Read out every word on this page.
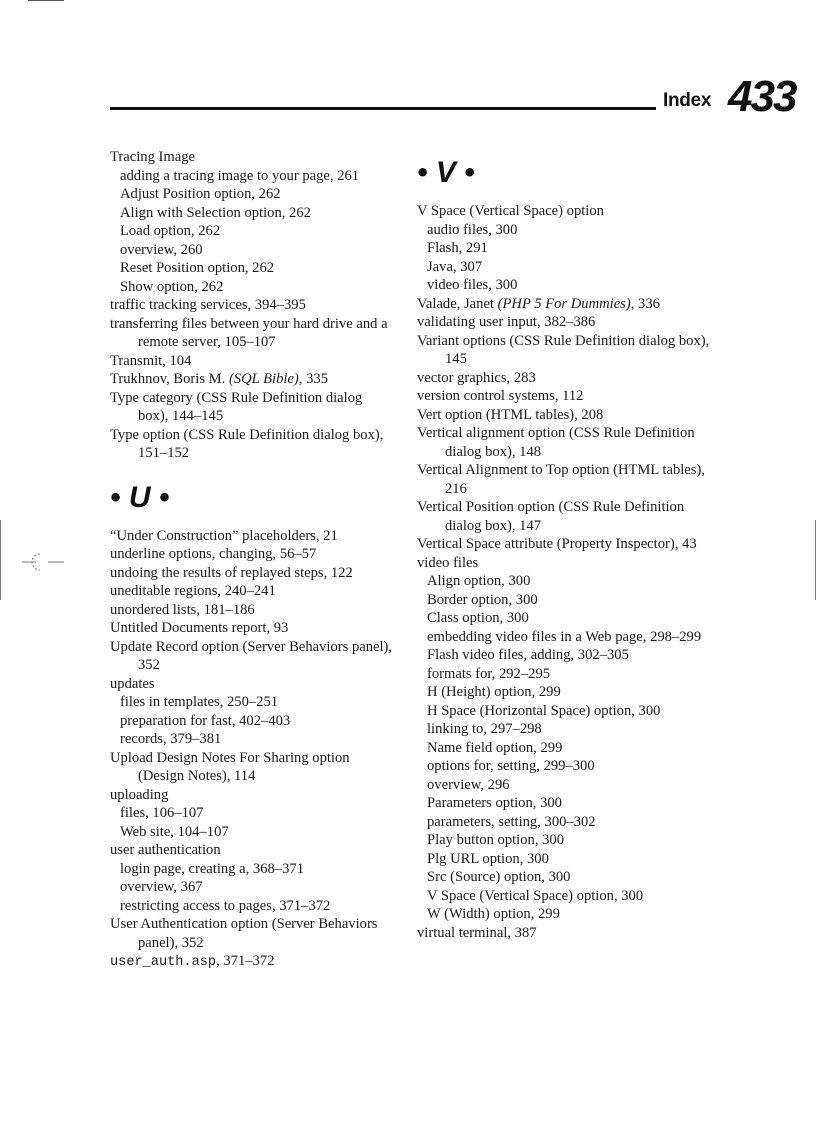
Index 433
Tracing Image
adding a tracing image to your page, 261
Adjust Position option, 262
Align with Selection option, 262
Load option, 262
overview, 260
Reset Position option, 262
Show option, 262
traffic tracking services, 394–395
transferring files between your hard drive and a remote server, 105–107
Transmit, 104
Trukhnov, Boris M. (SQL Bible), 335
Type category (CSS Rule Definition dialog box), 144–145
Type option (CSS Rule Definition dialog box), 151–152
• U •
“Under Construction” placeholders, 21
underline options, changing, 56–57
undoing the results of replayed steps, 122
uneditable regions, 240–241
unordered lists, 181–186
Untitled Documents report, 93
Update Record option (Server Behaviors panel), 352
updates
files in templates, 250–251
preparation for fast, 402–403
records, 379–381
Upload Design Notes For Sharing option (Design Notes), 114
uploading
files, 106–107
Web site, 104–107
user authentication
login page, creating a, 368–371
overview, 367
restricting access to pages, 371–372
User Authentication option (Server Behaviors panel), 352
user_auth.asp, 371–372
• V •
V Space (Vertical Space) option
audio files, 300
Flash, 291
Java, 307
video files, 300
Valade, Janet (PHP 5 For Dummies), 336
validating user input, 382–386
Variant options (CSS Rule Definition dialog box), 145
vector graphics, 283
version control systems, 112
Vert option (HTML tables), 208
Vertical alignment option (CSS Rule Definition dialog box), 148
Vertical Alignment to Top option (HTML tables), 216
Vertical Position option (CSS Rule Definition dialog box), 147
Vertical Space attribute (Property Inspector), 43
video files
Align option, 300
Border option, 300
Class option, 300
embedding video files in a Web page, 298–299
Flash video files, adding, 302–305
formats for, 292–295
H (Height) option, 299
H Space (Horizontal Space) option, 300
linking to, 297–298
Name field option, 299
options for, setting, 299–300
overview, 296
Parameters option, 300
parameters, setting, 300–302
Play button option, 300
Plg URL option, 300
Src (Source) option, 300
V Space (Vertical Space) option, 300
W (Width) option, 299
virtual terminal, 387
